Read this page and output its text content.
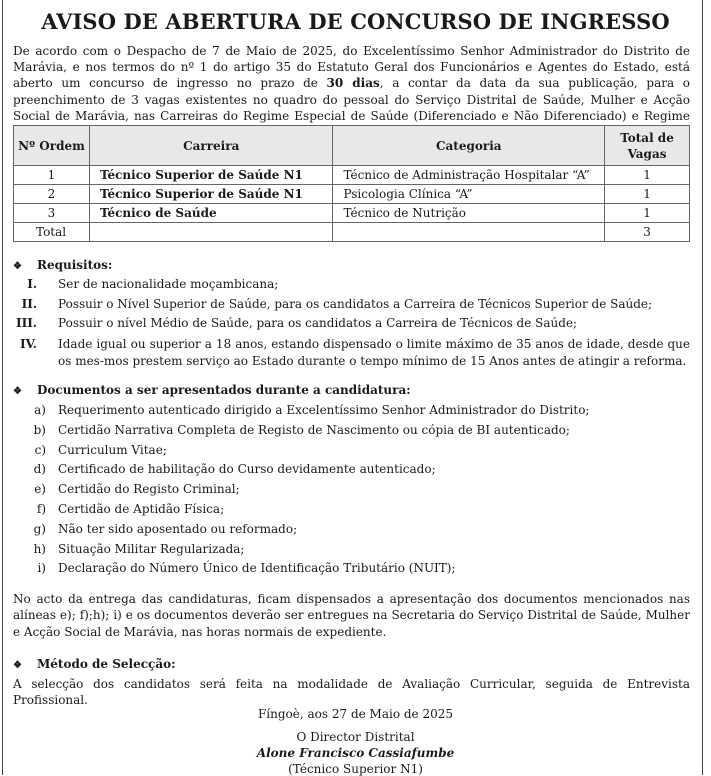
AVISO DE ABERTURA DE CONCURSO DE INGRESSO
De acordo com o Despacho de 7 de Maio de 2025, do Excelentíssimo Senhor Administrador do Distrito de Marávia, e nos termos do nº 1 do artigo 35 do Estatuto Geral dos Funcionários e Agentes do Estado, está aberto um concurso de ingresso no prazo de 30 dias, a contar da data da sua publicação, para o preenchimento de 3 vagas existentes no quadro do pessoal do Serviço Distrital de Saúde, Mulher e Acção Social de Marávia, nas Carreiras do Regime Especial de Saúde (Diferenciado e Não Diferenciado) e Regime
Nº Ordem	Carreira	Categoria	Total de Vagas
1	Técnico Superior de Saúde N1	Técnico de Administração Hospitalar “A”	1
2	Técnico Superior de Saúde N1	Psicologia Clínica “A”	1
3	Técnico de Saúde	Técnico de Nutrição	1
Total			3
❖ Requisitos:
I. Ser de nacionalidade moçambicana;
II. Possuir o Nível Superior de Saúde, para os candidatos a Carreira de Técnicos Superior de Saúde;
III. Possuir o nível Médio de Saúde, para os candidatos a Carreira de Técnicos de Saúde;
IV. Idade igual ou superior a 18 anos, estando dispensado o limite máximo de 35 anos de idade, desde que os mes-mos prestem serviço ao Estado durante o tempo mínimo de 15 Anos antes de atingir a reforma.
❖ Documentos a ser apresentados durante a candidatura:
a) Requerimento autenticado dirigido a Excelentíssimo Senhor Administrador do Distrito;
b) Certidão Narrativa Completa de Registo de Nascimento ou cópia de BI autenticado;
c) Curriculum Vitae;
d) Certificado de habilitação do Curso devidamente autenticado;
e) Certidão do Registo Criminal;
f) Certidão de Aptidão Física;
g) Não ter sido aposentado ou reformado;
h) Situação Militar Regularizada;
i) Declaração do Número Único de Identificação Tributário (NUIT);
No acto da entrega das candidaturas, ficam dispensados a apresentação dos documentos mencionados nas alíneas e); f);h); i) e os documentos deverão ser entregues na Secretaria do Serviço Distrital de Saúde, Mulher e Acção Social de Marávia, nas horas normais de expediente.
❖ Método de Selecção:
A selecção dos candidatos será feita na modalidade de Avaliação Curricular, seguida de Entrevista Profissional.
Fíngoè, aos 27 de Maio de 2025
O Director Distrital
Alone Francisco Cassiafumbe
(Técnico Superior N1)
